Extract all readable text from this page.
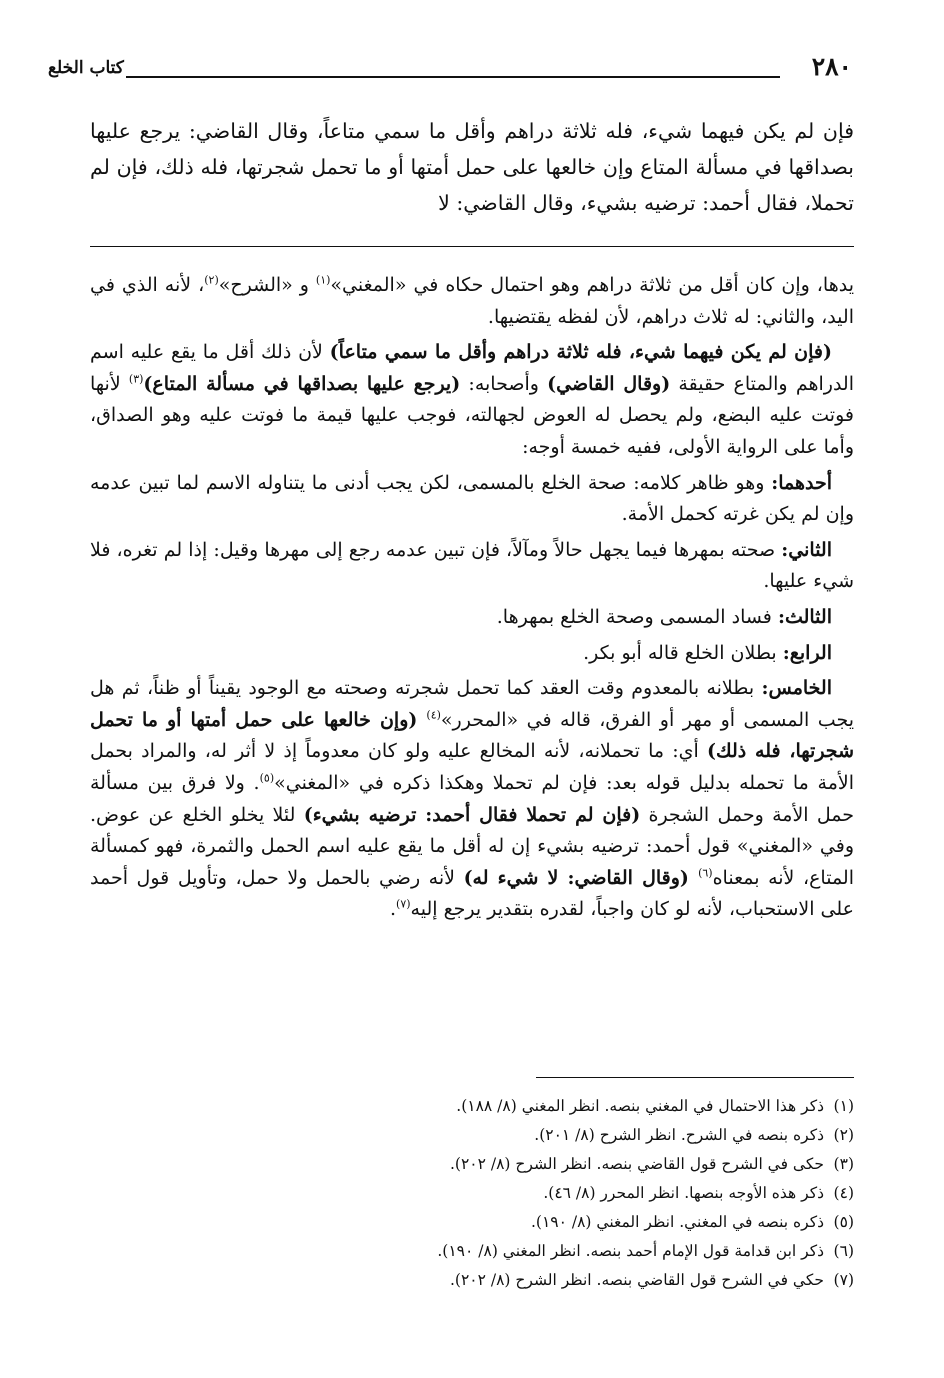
٢٨٠
كتاب الخلع
فإن لم يكن فيهما شيء، فله ثلاثة دراهم وأقل ما سمي متاعاً، وقال القاضي: يرجع عليها بصداقها في مسألة المتاع وإن خالعها على حمل أمتها أو ما تحمل شجرتها، فله ذلك، فإن لم تحملا، فقال أحمد: ترضيه بشيء، وقال القاضي: لا

يدها، وإن كان أقل من ثلاثة دراهم وهو احتمال حكاه في «المغني»$^{(١)}$ و «الشرح»$^{(٢)}$، لأنه الذي في اليد، والثاني: له ثلاث دراهم، لأن لفظه يقتضيها.

(فإن لم يكن فيهما شيء، فله ثلاثة دراهم وأقل ما سمي متاعاً) لأن ذلك أقل ما يقع عليه اسم الدراهم والمتاع حقيقة (وقال القاضي) وأصحابه: (يرجع عليها بصداقها في مسألة المتاع)$^{(٣)}$ لأنها فوتت عليه البضع، ولم يحصل له العوض لجهالته، فوجب عليها قيمة ما فوتت عليه وهو الصداق، وأما على الرواية الأولى، ففيه خمسة أوجه:

أحدهما: وهو ظاهر كلامه: صحة الخلع بالمسمى، لكن يجب أدنى ما يتناوله الاسم لما تبين عدمه وإن لم يكن غرته كحمل الأمة.

الثاني: صحته بمهرها فيما يجهل حالاً ومآلاً، فإن تبين عدمه رجع إلى مهرها وقيل: إذا لم تغره، فلا شيء عليها.

الثالث: فساد المسمى وصحة الخلع بمهرها.

الرابع: بطلان الخلع قاله أبو بكر.

الخامس: بطلانه بالمعدوم وقت العقد كما تحمل شجرته وصحته مع الوجود يقيناً أو ظناً، ثم هل يجب المسمى أو مهر أو الفرق، قاله في «المحرر»$^{(٤)}$ (وإن خالعها على حمل أمتها أو ما تحمل شجرتها، فله ذلك) أي: ما تحملانه، لأنه المخالع عليه ولو كان معدوماً إذ لا أثر له، والمراد بحمل الأمة ما تحمله بدليل قوله بعد: فإن لم تحملا وهكذا ذكره في «المغني»$^{(٥)}$. ولا فرق بين مسألة حمل الأمة وحمل الشجرة (فإن لم تحملا فقال أحمد: ترضيه بشيء) لئلا يخلو الخلع عن عوض. وفي «المغني» قول أحمد: ترضيه بشيء إن له أقل ما يقع عليه اسم الحمل والثمرة، فهو كمسألة المتاع، لأنه بمعناه$^{(٦)}$ (وقال القاضي: لا شيء له) لأنه رضي بالحمل ولا حمل، وتأويل قول أحمد على الاستحباب، لأنه لو كان واجباً، لقدره بتقدير يرجع إليه$^{(٧)}$.

(١)ذكر هذا الاحتمال في المغني بنصه. انظر المغني (٨/ ١٨٨).
(٢)ذكره بنصه في الشرح. انظر الشرح (٨/ ٢٠١).
(٣)حكى في الشرح قول القاضي بنصه. انظر الشرح (٨/ ٢٠٢).
(٤)ذكر هذه الأوجه بنصها. انظر المحرر (٨/ ٤٦).
(٥)ذكره بنصه في المغني. انظر المغني (٨/ ١٩٠).
(٦)ذكر ابن قدامة قول الإمام أحمد بنصه. انظر المغني (٨/ ١٩٠).
(٧)حكي في الشرح قول القاضي بنصه. انظر الشرح (٨/ ٢٠٢).
